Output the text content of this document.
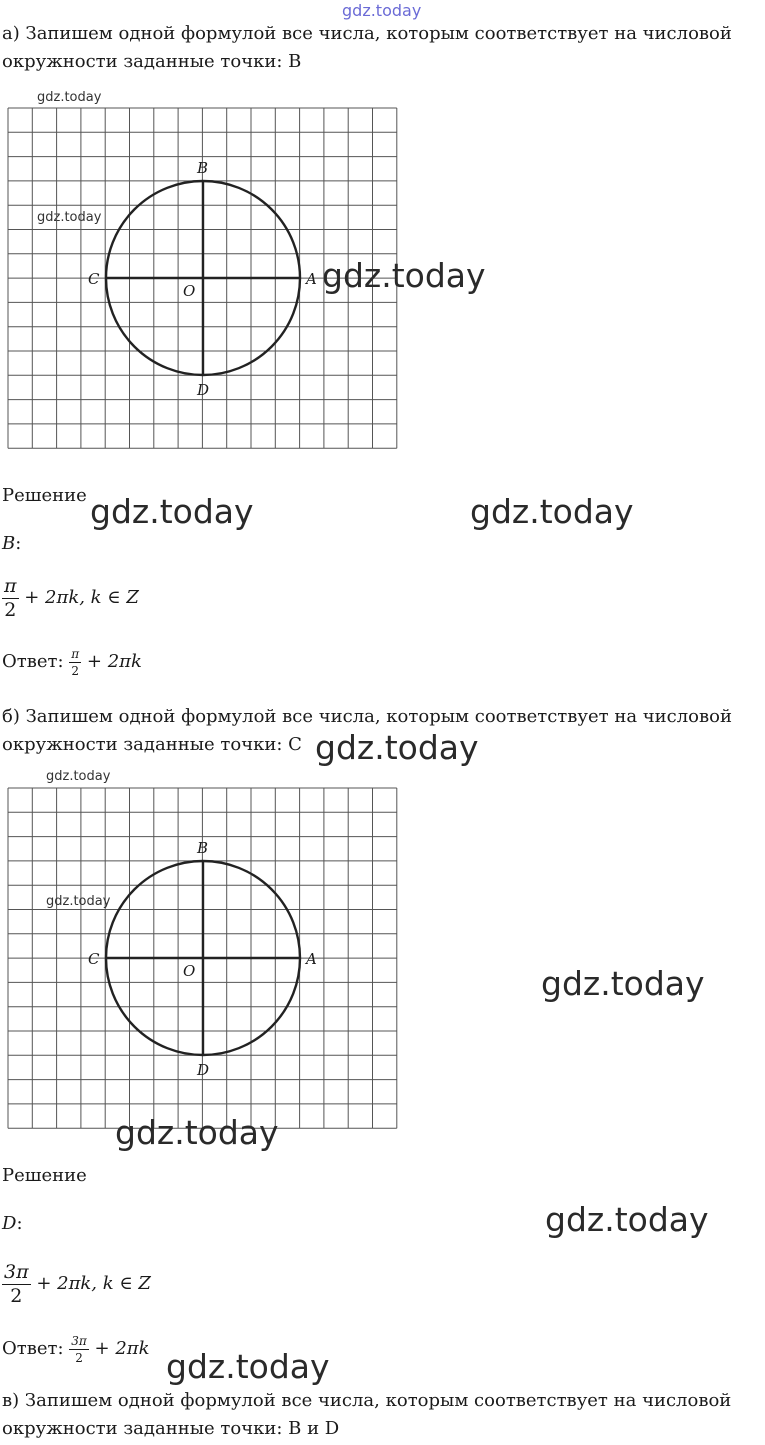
gdz.today
а) Запишем одной формулой все числа, которым соответствует на числовой
окружности заданные точки: B
gdz.today
gdz.today
B
C	A
O
D
gdz.today
Решение gdz.today	gdz.today
B:
$\frac{\pi}{2} + 2\pi k$, k ∈ Z
Ответ: $\frac{\pi}{2} + 2\pi k$
б) Запишем одной формулой все числа, которым соответствует на числовой
окружности заданные точки: C gdz.today
gdz.today
B
C	A
O
D
gdz.today
gdz.today
gdz.today
Решение
D:	gdz.today
$\frac{3\pi}{2} + 2\pi k$, k ∈ Z
Ответ: $\frac{3\pi}{2} + 2\pi k$ gdz.today
в) Запишем одной формулой все числа, которым соответствует на числовой
окружности заданные точки: B и D
